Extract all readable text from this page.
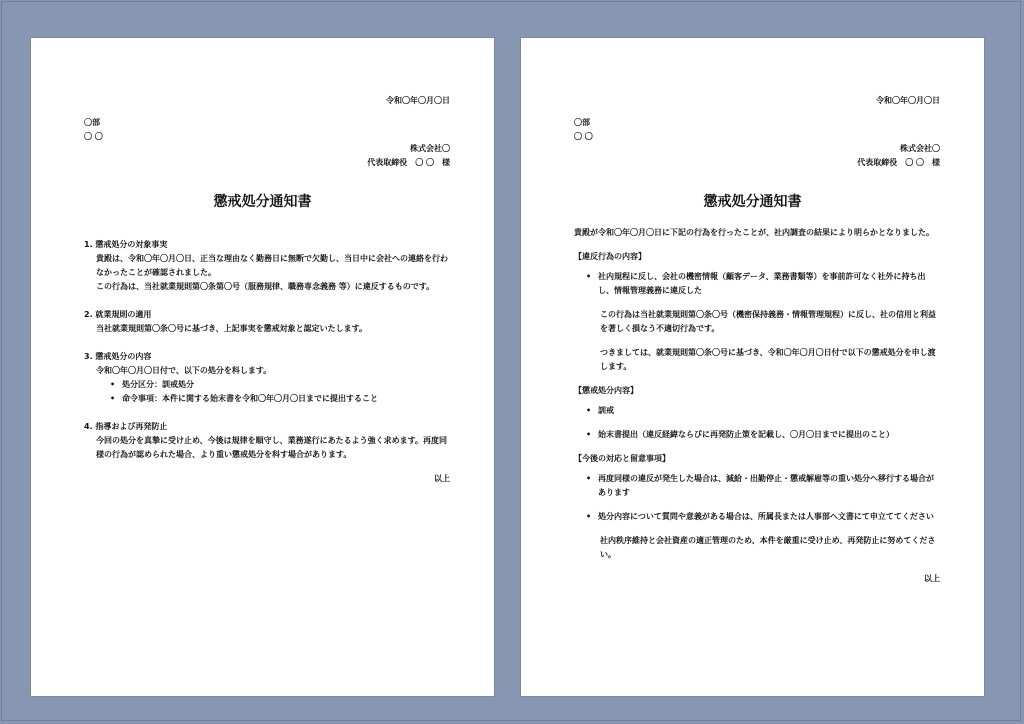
令和〇年〇月〇日
〇部
〇 〇
株式会社〇
代表取締役　〇 〇　様
懲戒処分通知書
1. 懲戒処分の対象事実
貴殿は、令和〇年〇月〇日、正当な理由なく勤務日に無断で欠勤し、当日中に会社への連絡を行わなかったことが確認されました。
この行為は、当社就業規則第〇条第〇号（服務規律、職務専念義務 等）に違反するものです。
2. 就業規則の適用
当社就業規則第〇条〇号に基づき、上記事実を懲戒対象と認定いたします。
3. 懲戒処分の内容
令和〇年〇月〇日付で、以下の処分を科します。
• 処分区分：訓戒処分
• 命令事項：本件に関する始末書を令和〇年〇月〇日までに提出すること
4. 指導および再発防止
今回の処分を真摯に受け止め、今後は規律を順守し、業務遂行にあたるよう強く求めます。再度同様の行為が認められた場合、より重い懲戒処分を科す場合があります。
以上
令和〇年〇月〇日
〇部
〇 〇
株式会社〇
代表取締役　〇 〇　様
懲戒処分通知書
貴殿が令和〇年〇月〇日に下記の行為を行ったことが、社内調査の結果により明らかとなりました。
【違反行為の内容】
• 社内規程に反し、会社の機密情報（顧客データ、業務書類等）を事前許可なく社外に持ち出し、情報管理義務に違反した
この行為は当社就業規則第〇条〇号（機密保持義務・情報管理規程）に反し、社の信用と利益を著しく損なう不適切行為です。
つきましては、就業規則第〇条〇号に基づき、令和〇年〇月〇日付で以下の懲戒処分を申し渡します。
【懲戒処分内容】
• 訓戒
• 始末書提出（違反経緯ならびに再発防止策を記載し、〇月〇日までに提出のこと）
【今後の対応と留意事項】
• 再度同様の違反が発生した場合は、減給・出勤停止・懲戒解雇等の重い処分へ移行する場合があります
• 処分内容について質問や意義がある場合は、所属長または人事部へ文書にて申立ててください
社内秩序維持と会社資産の適正管理のため、本件を厳重に受け止め、再発防止に努めてください。
以上
